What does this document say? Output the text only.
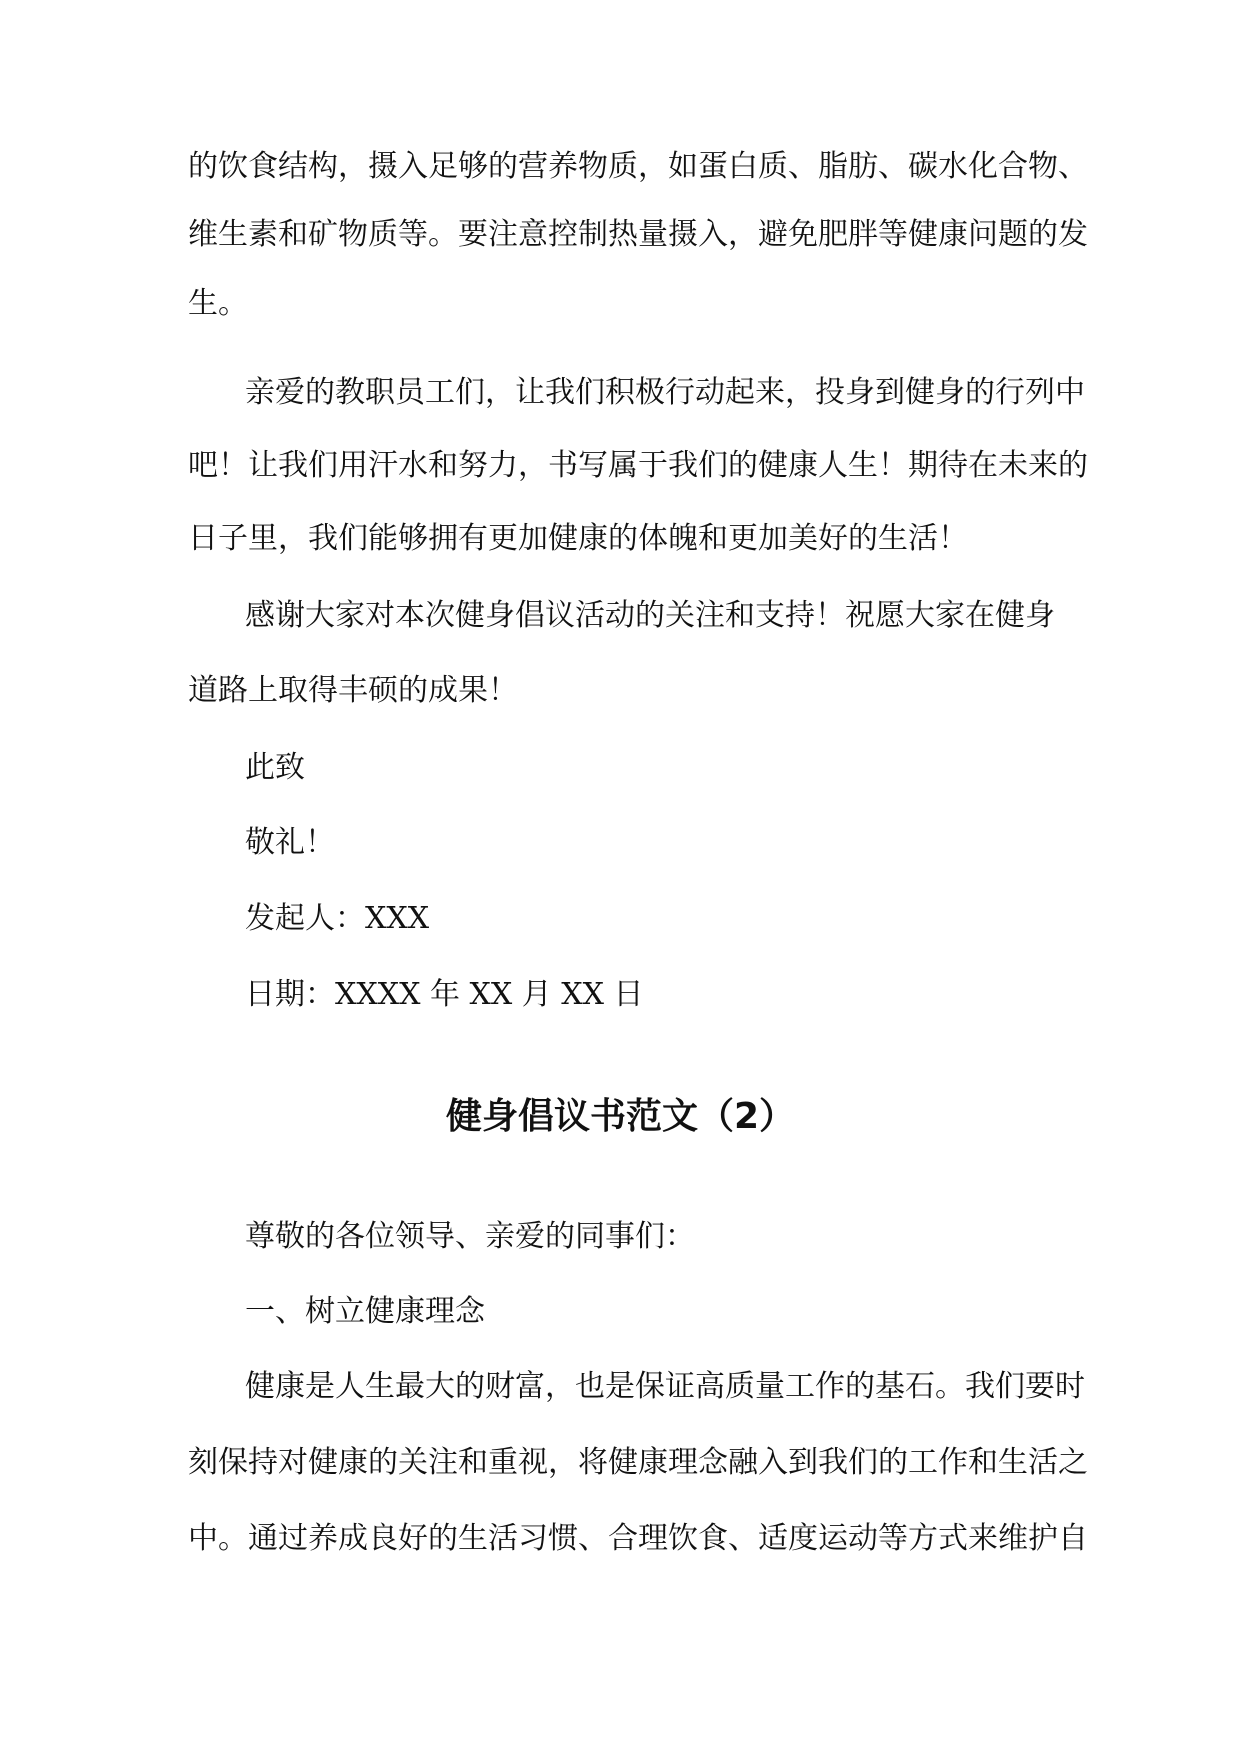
的饮食结构，摄入足够的营养物质，如蛋白质、脂肪、碳水化合物、
维生素和矿物质等。要注意控制热量摄入，避免肥胖等健康问题的发
生。
亲爱的教职员工们，让我们积极行动起来，投身到健身的行列中
吧！让我们用汗水和努力，书写属于我们的健康人生！期待在未来的
日子里，我们能够拥有更加健康的体魄和更加美好的生活！
感谢大家对本次健身倡议活动的关注和支持！祝愿大家在健身
道路上取得丰硕的成果！
此致
敬礼！
发起人：XXX
日期：XXXX 年 XX 月 XX 日
健身倡议书范文（2）
尊敬的各位领导、亲爱的同事们：
一、树立健康理念
健康是人生最大的财富，也是保证高质量工作的基石。我们要时
刻保持对健康的关注和重视，将健康理念融入到我们的工作和生活之
中。通过养成良好的生活习惯、合理饮食、适度运动等方式来维护自
